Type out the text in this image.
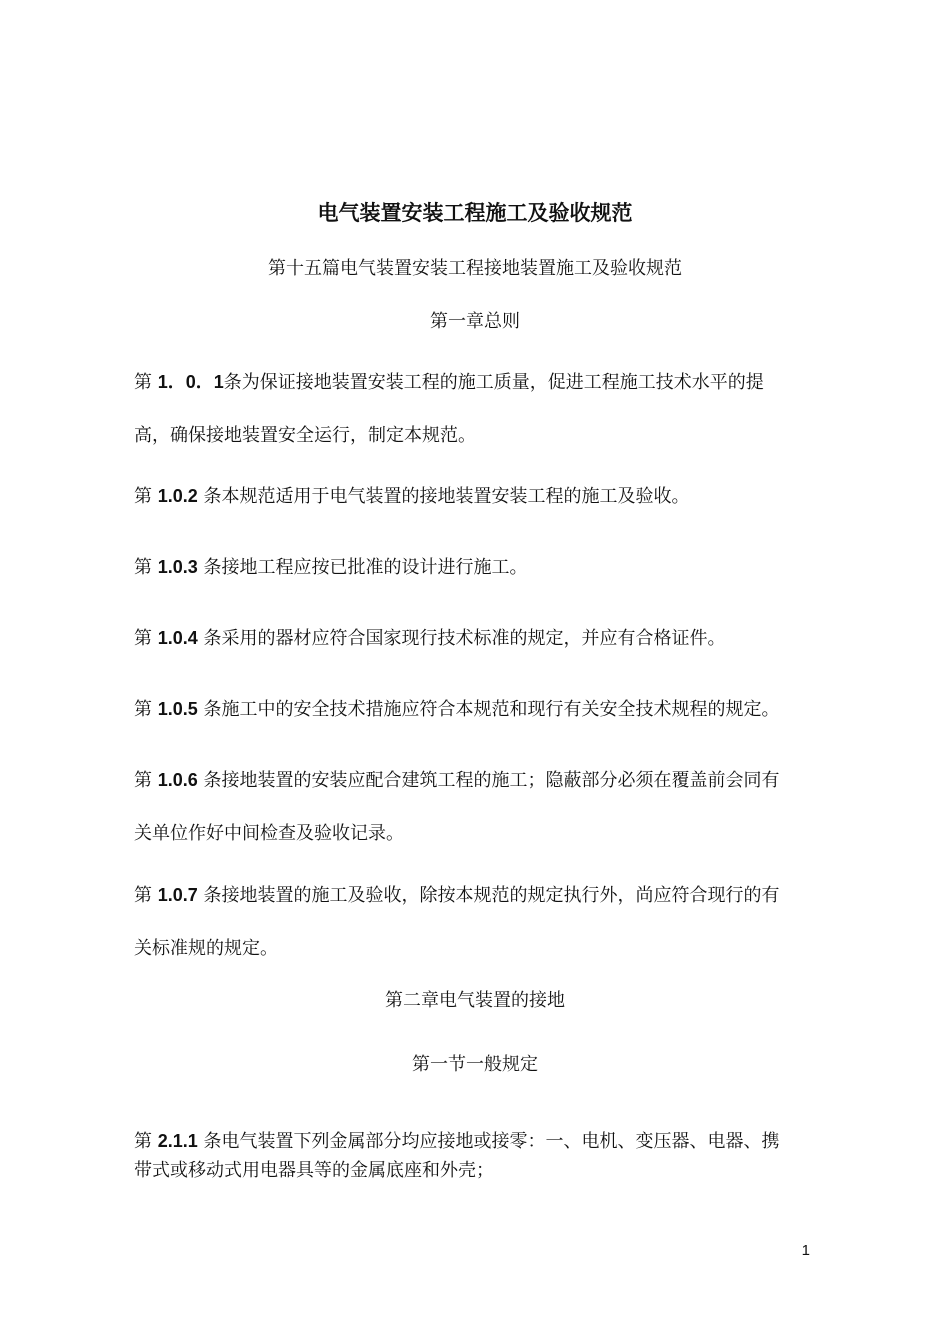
电气装置安装工程施工及验收规范
第十五篇电气装置安装工程接地装置施工及验收规范
第一章总则
第 1．0．1条为保证接地装置安装工程的施工质量，促进工程施工技术水平的提
高，确保接地装置安全运行，制定本规范。
第 1.0.2 条本规范适用于电气装置的接地装置安装工程的施工及验收。
第 1.0.3 条接地工程应按已批准的设计进行施工。
第 1.0.4 条采用的器材应符合国家现行技术标准的规定，并应有合格证件。
第 1.0.5 条施工中的安全技术措施应符合本规范和现行有关安全技术规程的规定。
第 1.0.6 条接地装置的安装应配合建筑工程的施工；隐蔽部分必须在覆盖前会同有
关单位作好中间检查及验收记录。
第 1.0.7 条接地装置的施工及验收，除按本规范的规定执行外，尚应符合现行的有
关标准规的规定。
第二章电气装置的接地
第一节一般规定
第 2.1.1 条电气装置下列金属部分均应接地或接零：一、电机、变压器、电器、携
带式或移动式用电器具等的金属底座和外壳；
1
